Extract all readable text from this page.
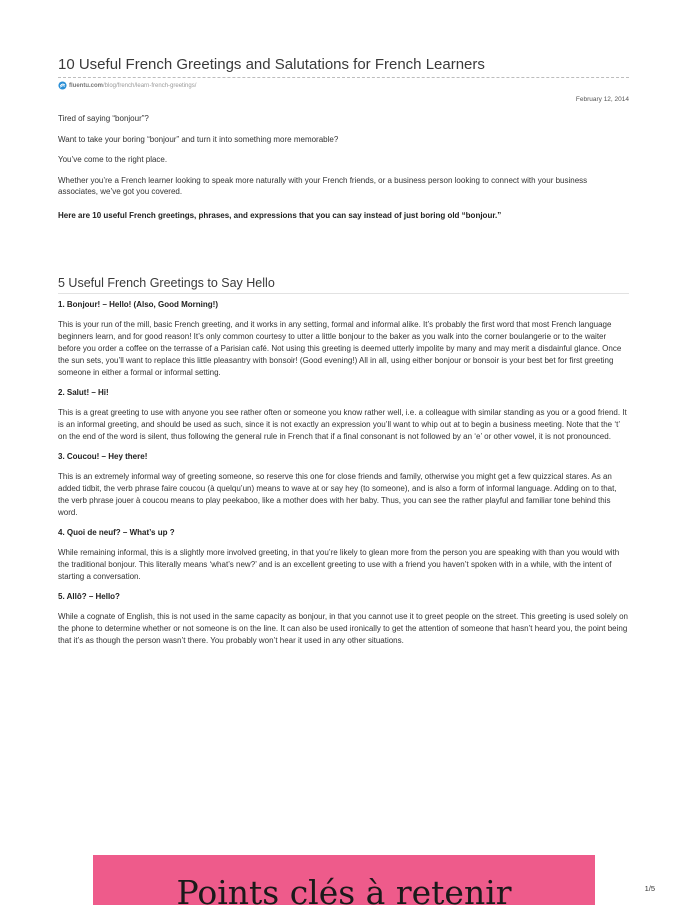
10 Useful French Greetings and Salutations for French Learners
fluentu.com /blog/french/learn-french-greetings/
February 12, 2014

Tired of saying “bonjour”?

Want to take your boring “bonjour” and turn it into something more memorable?

You’ve come to the right place.

Whether you’re a French learner looking to speak more naturally with your French friends, or a business person looking to connect with your business associates, we’ve got you covered.

Here are 10 useful French greetings, phrases, and expressions that you can say instead of just boring old “bonjour.”

5 Useful French Greetings to Say Hello
1. Bonjour! – Hello! (Also, Good Morning!)
This is your run of the mill, basic French greeting, and it works in any setting, formal and informal alike. It’s probably the first word that most French language beginners learn, and for good reason! It’s only common courtesy to utter a little bonjour to the baker as you walk into the corner boulangerie or to the waiter before you order a coffee on the terrasse of a Parisian café. Not using this greeting is deemed utterly impolite by many and may merit a disdainful glance. Once the sun sets, you’ll want to replace this little pleasantry with bonsoir! (Good evening!) All in all, using either bonjour or bonsoir is your best bet for first greeting someone in either a formal or informal setting.
2. Salut! – Hi!
This is a great greeting to use with anyone you see rather often or someone you know rather well, i.e. a colleague with similar standing as you or a good friend. It is an informal greeting, and should be used as such, since it is not exactly an expression you’ll want to whip out at to begin a business meeting. Note that the ‘t’ on the end of the word is silent, thus following the general rule in French that if a final consonant is not followed by an ‘e’ or other vowel, it is not pronounced.
3. Coucou! – Hey there!
This is an extremely informal way of greeting someone, so reserve this one for close friends and family, otherwise you might get a few quizzical stares. As an added tidbit, the verb phrase faire coucou (à quelqu’un) means to wave at or say hey (to someone), and is also a form of informal language. Adding on to that, the verb phrase jouer à coucou means to play peekaboo, like a mother does with her baby. Thus, you can see the rather playful and familiar tone behind this word.
4. Quoi de neuf? – What’s up ?
While remaining informal, this is a slightly more involved greeting, in that you’re likely to glean more from the person you are speaking with than you would with the traditional bonjour. This literally means ‘what’s new?’ and is an excellent greeting to use with a friend you haven’t spoken with in a while, with the intent of starting a conversation.
5. Allô? – Hello?
While a cognate of English, this is not used in the same capacity as bonjour, in that you cannot use it to greet people on the street. This greeting is used solely on the phone to determine whether or not someone is on the line. It can also be used ironically to get the attention of someone that hasn’t heard you, the point being that it’s as though the person wasn’t there. You probably won’t hear it used in any other situations.
Points clés à retenir	1/5
